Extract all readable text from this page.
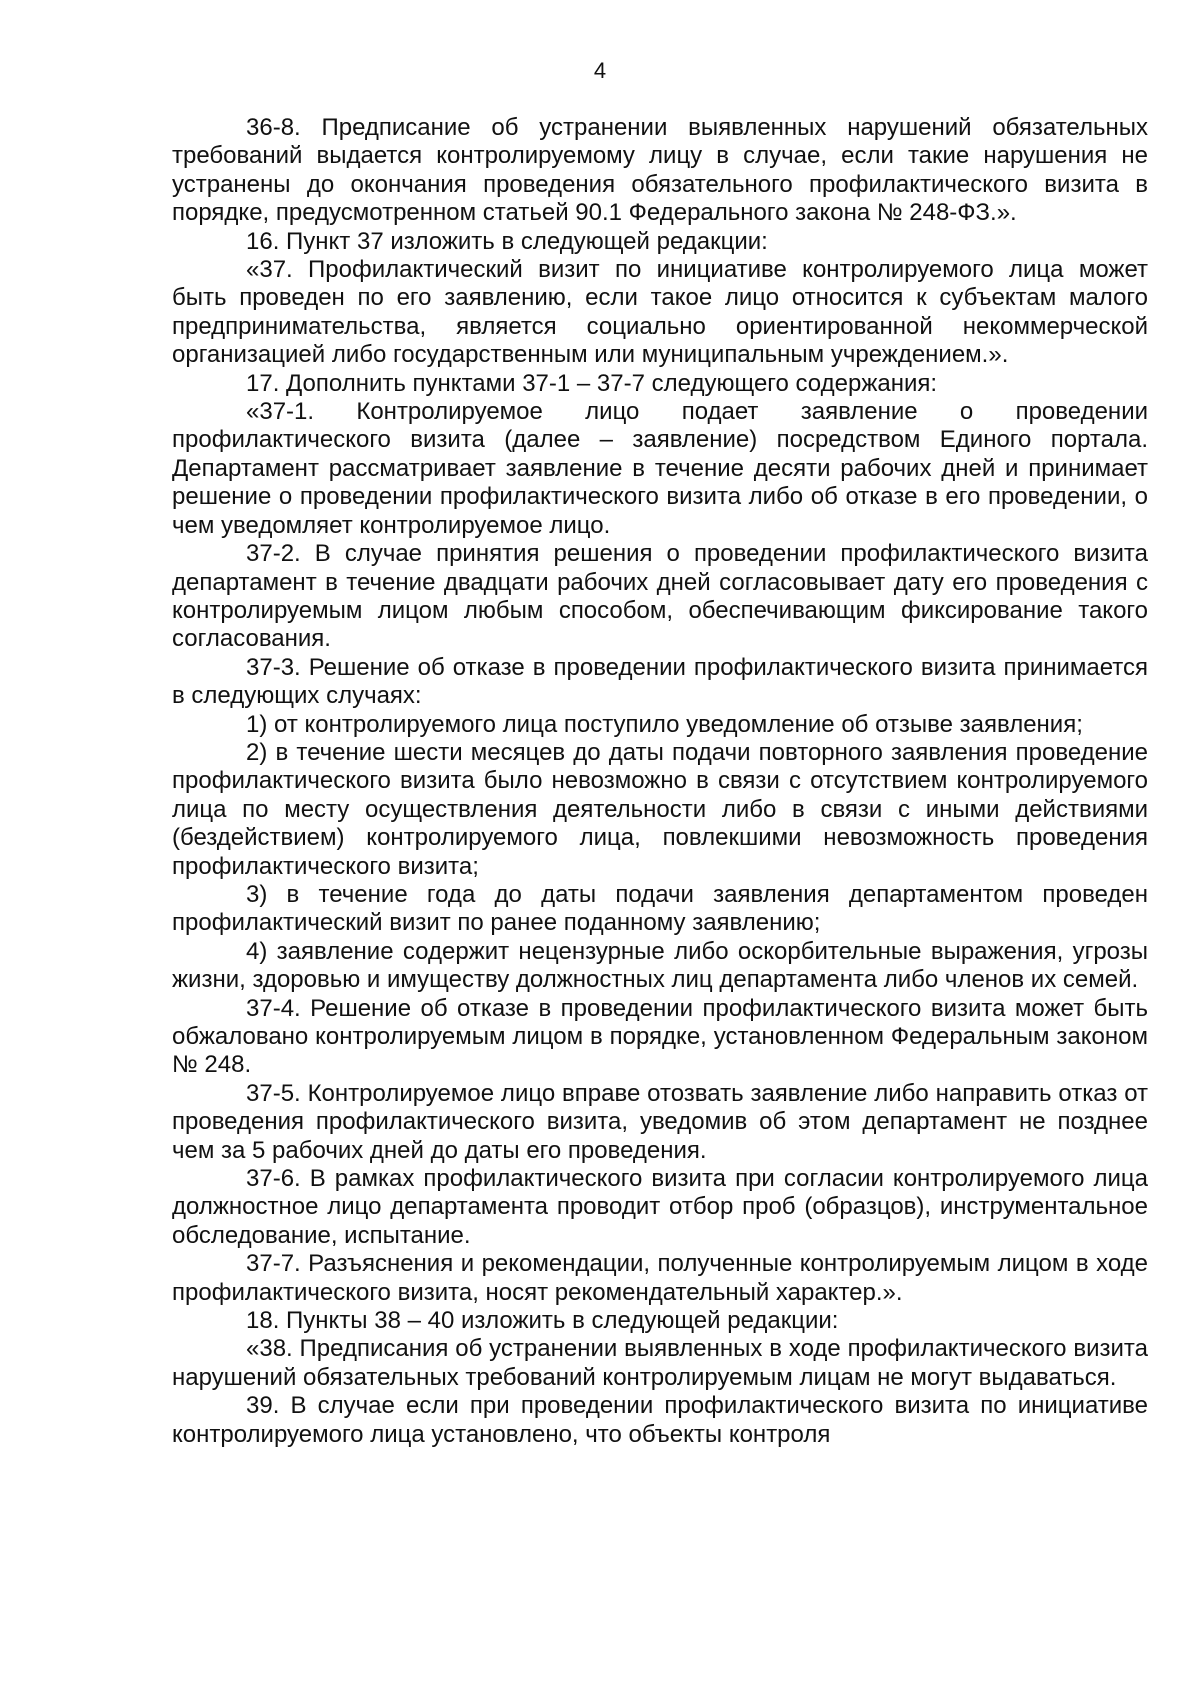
4

36-8. Предписание об устранении выявленных нарушений обязательных требований выдается контролируемому лицу в случае, если такие нарушения не устранены до окончания проведения обязательного профилактического визита в порядке, предусмотренном статьей 90.1 Федерального закона № 248-ФЗ.».

16. Пункт 37 изложить в следующей редакции:

«37. Профилактический визит по инициативе контролируемого лица может быть проведен по его заявлению, если такое лицо относится к субъектам малого предпринимательства, является социально ориентированной некоммерческой организацией либо государственным или муниципальным учреждением.».

17. Дополнить пунктами 37-1 – 37-7 следующего содержания:

«37-1. Контролируемое лицо подает заявление о проведении профилактического визита (далее – заявление) посредством Единого портала. Департамент рассматривает заявление в течение десяти рабочих дней и принимает решение о проведении профилактического визита либо об отказе в его проведении, о чем уведомляет контролируемое лицо.

37-2. В случае принятия решения о проведении профилактического визита департамент в течение двадцати рабочих дней согласовывает дату его проведения с контролируемым лицом любым способом, обеспечивающим фиксирование такого согласования.

37-3. Решение об отказе в проведении профилактического визита принимается в следующих случаях:

1) от контролируемого лица поступило уведомление об отзыве заявления;

2) в течение шести месяцев до даты подачи повторного заявления проведение профилактического визита было невозможно в связи с отсутствием контролируемого лица по месту осуществления деятельности либо в связи с иными действиями (бездействием) контролируемого лица, повлекшими невозможность проведения профилактического визита;

3) в течение года до даты подачи заявления департаментом проведен профилактический визит по ранее поданному заявлению;

4) заявление содержит нецензурные либо оскорбительные выражения, угрозы жизни, здоровью и имуществу должностных лиц департамента либо членов их семей.

37-4. Решение об отказе в проведении профилактического визита может быть обжаловано контролируемым лицом в порядке, установленном Федеральным законом № 248.

37-5. Контролируемое лицо вправе отозвать заявление либо направить отказ от проведения профилактического визита, уведомив об этом департамент не позднее чем за 5 рабочих дней до даты его проведения.

37-6. В рамках профилактического визита при согласии контролируемого лица должностное лицо департамента проводит отбор проб (образцов), инструментальное обследование, испытание.

37-7. Разъяснения и рекомендации, полученные контролируемым лицом в ходе профилактического визита, носят рекомендательный характер.».

18. Пункты 38 – 40 изложить в следующей редакции:

«38. Предписания об устранении выявленных в ходе профилактического визита нарушений обязательных требований контролируемым лицам не могут выдаваться.

39. В случае если при проведении профилактического визита по инициативе контролируемого лица установлено, что объекты контроля
